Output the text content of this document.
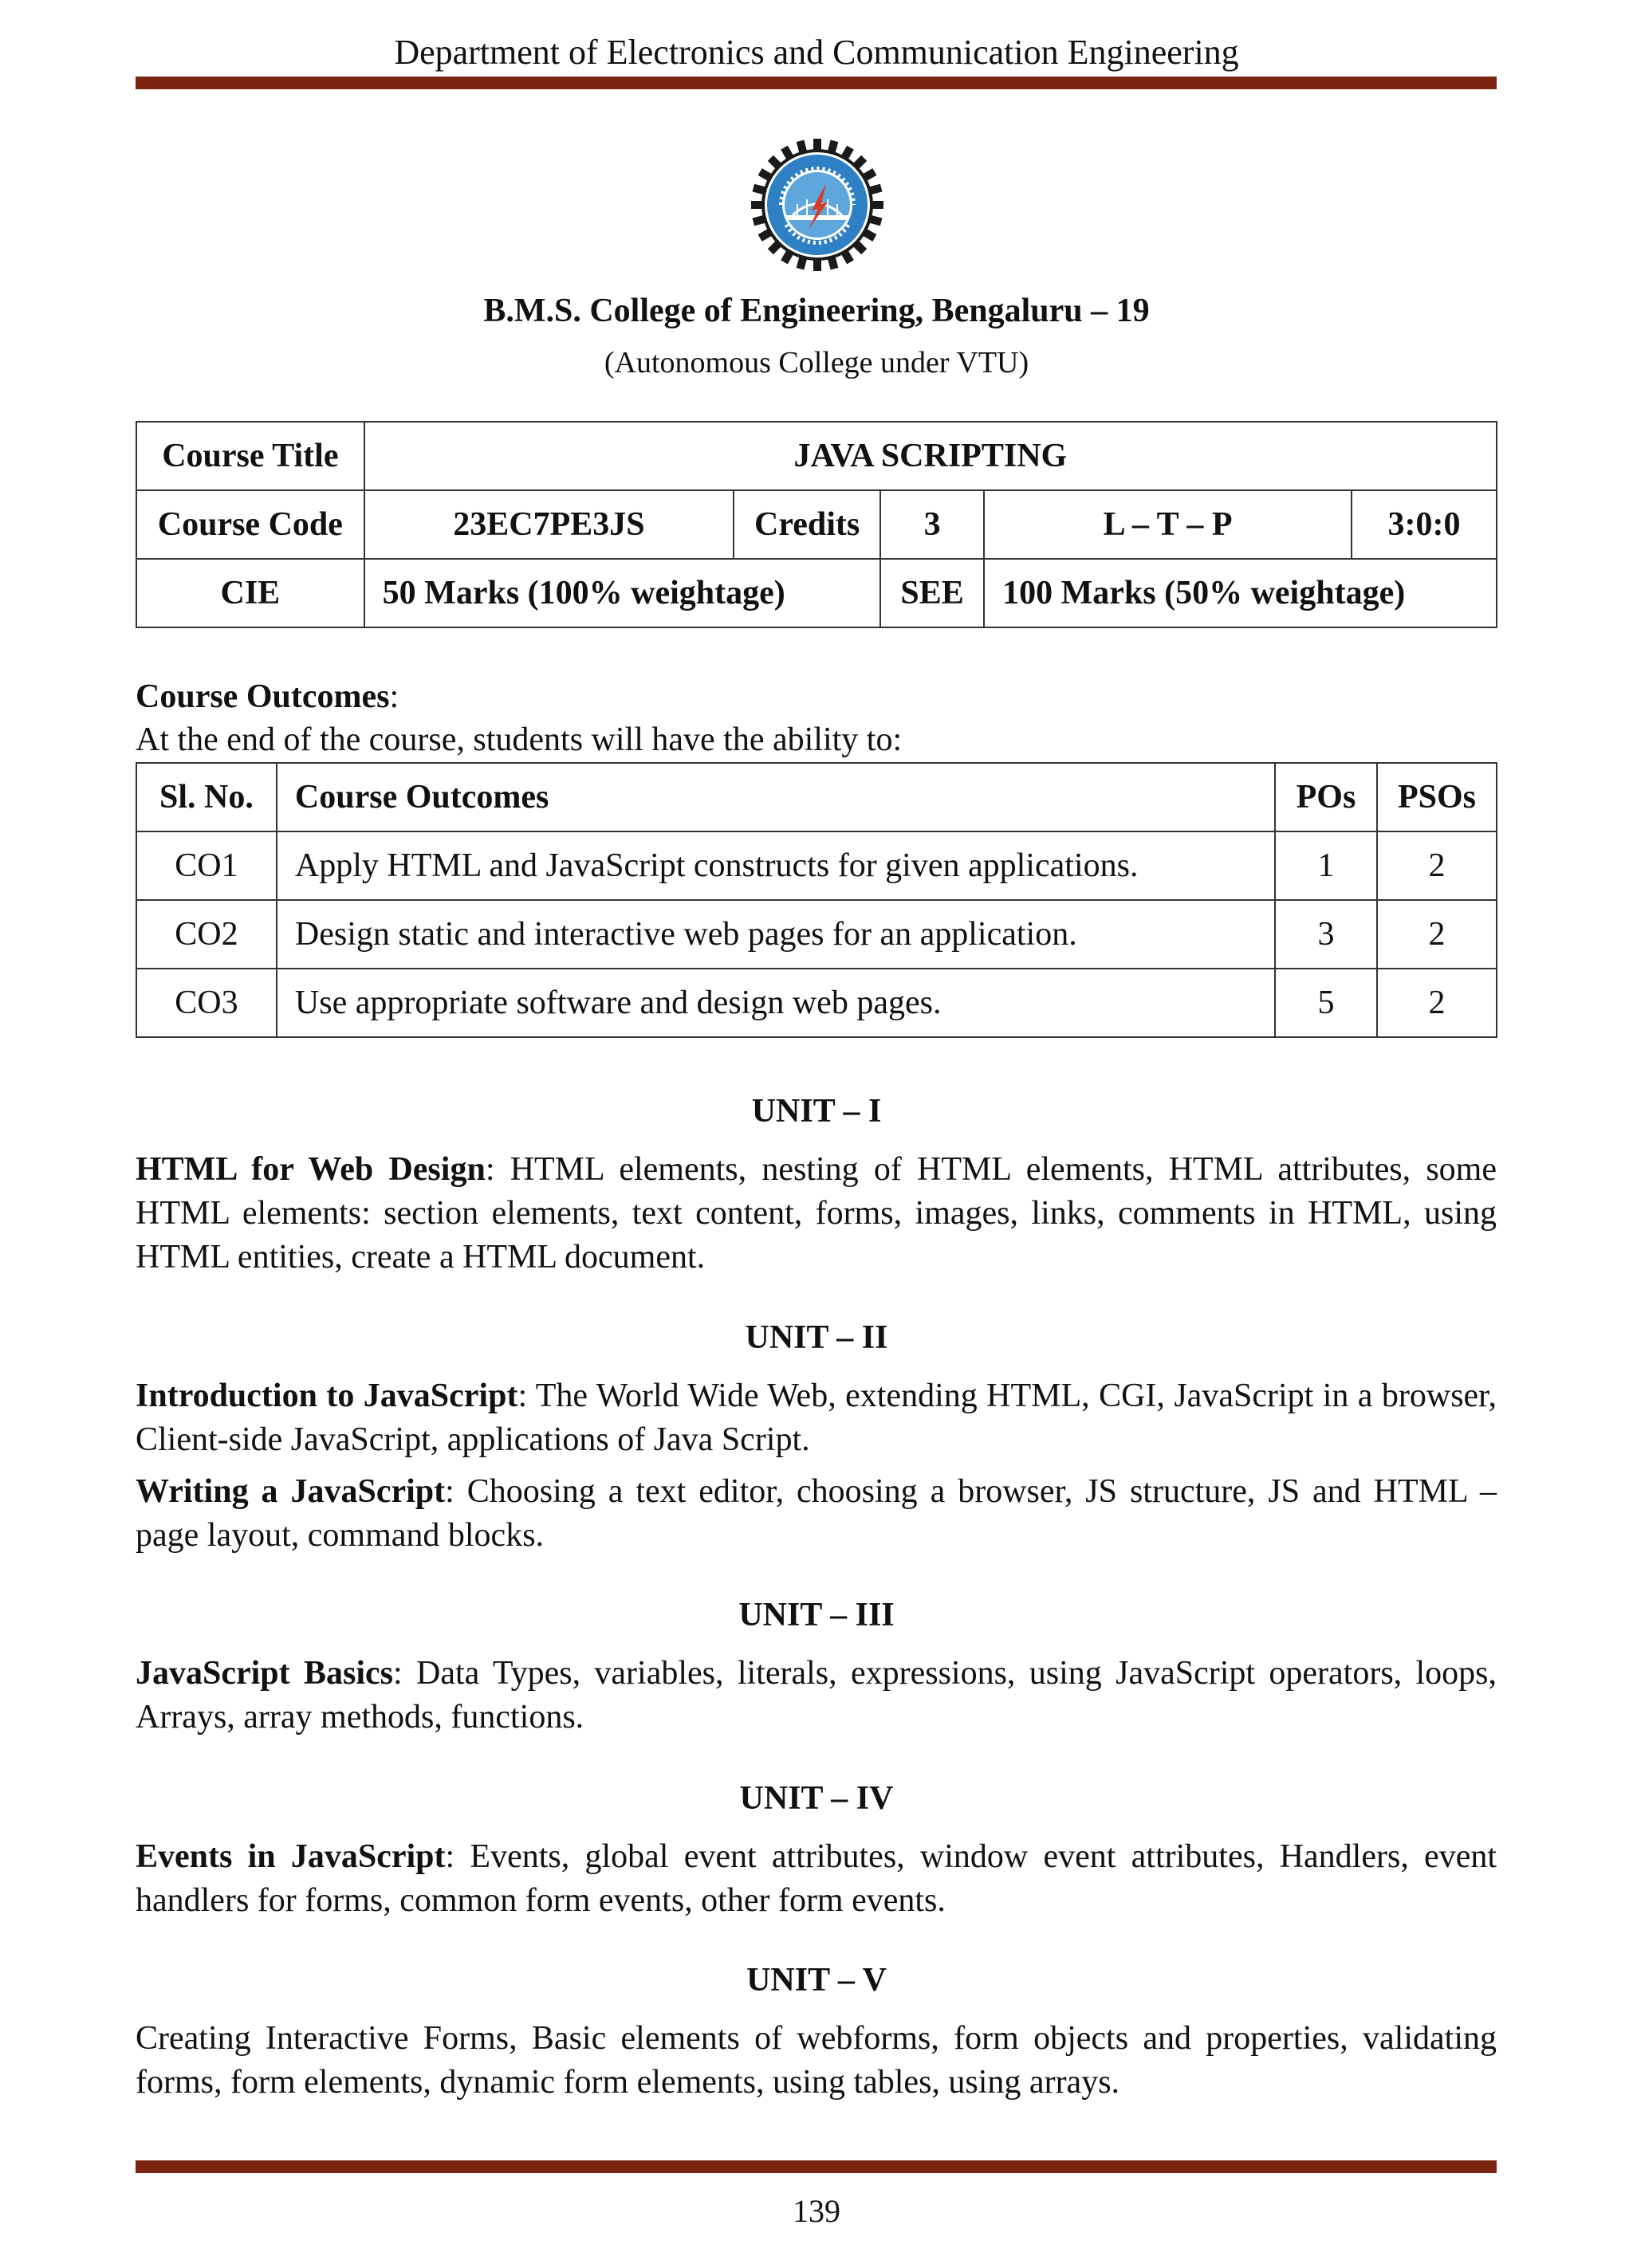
Department of Electronics and Communication Engineering
B.M.S. College of Engineering, Bengaluru – 19
(Autonomous College under VTU)
Course Title	JAVA SCRIPTING				
Course Code	23EC7PE3JS	Credits	3	L – T – P	3:0:0
CIE	50 Marks (100% weightage)		SEE	100 Marks (50% weightage)	
Course Outcomes:
At the end of the course, students will have the ability to:
Sl. No.	Course Outcomes	POs	PSOs
CO1	Apply HTML and JavaScript constructs for given applications.	1	2
CO2	Design static and interactive web pages for an application.	3	2
CO3	Use appropriate software and design web pages.	5	2
UNIT – I
HTML for Web Design: HTML elements, nesting of HTML elements, HTML attributes, some HTML elements: section elements, text content, forms, images, links, comments in HTML, using HTML entities, create a HTML document.
UNIT – II
Introduction to JavaScript: The World Wide Web, extending HTML, CGI, JavaScript in a browser, Client-side JavaScript, applications of Java Script.
Writing a JavaScript: Choosing a text editor, choosing a browser, JS structure, JS and HTML – page layout, command blocks.
UNIT – III
JavaScript Basics: Data Types, variables, literals, expressions, using JavaScript operators, loops, Arrays, array methods, functions.
UNIT – IV
Events in JavaScript: Events, global event attributes, window event attributes, Handlers, event handlers for forms, common form events, other form events.
UNIT – V
Creating Interactive Forms, Basic elements of webforms, form objects and properties, validating forms, form elements, dynamic form elements, using tables, using arrays.
139
